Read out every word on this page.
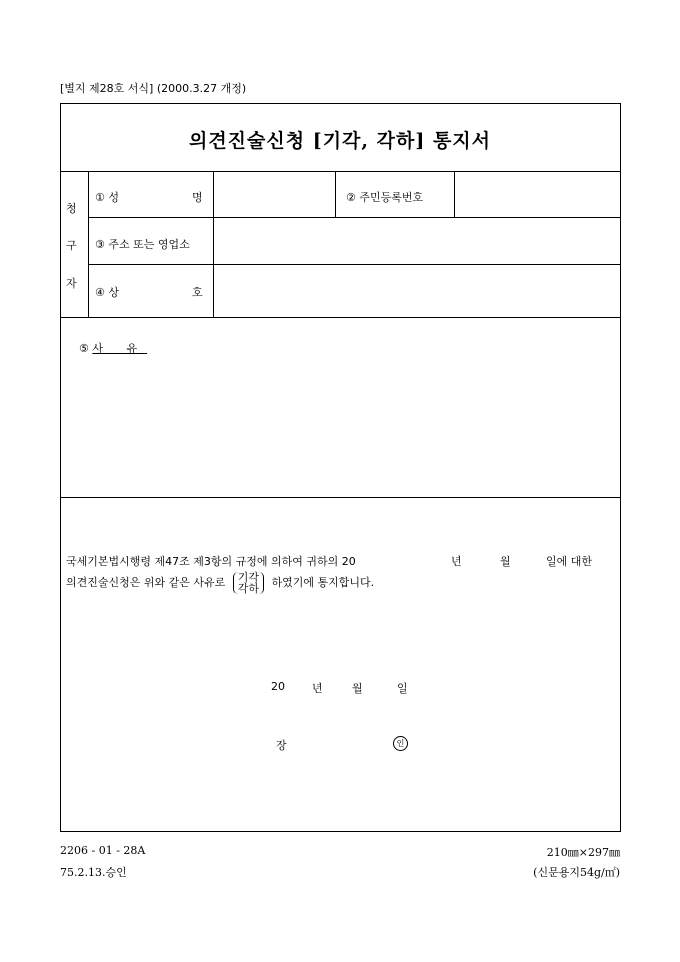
[별지 제28호 서식] (2000.3.27 개정)
의견진술신청 [기각, 각하] 통지서
청
구
자
① 성	명	② 주민등록번호
③ 주소 또는 영업소
④ 상	호
⑤ 사 유
국세기본법시행령 제47조 제3항의 규정에 의하여 귀하의 20	년	월	일에 대한
의견진술신청은 위와 같은 사유로 기각
각하 하였기에 통지합니다.
20 년	월	일
장	인
2206 - 01 - 28A
75.2.13.승인
210㎜×297㎜
(신문용지54g/㎡)
